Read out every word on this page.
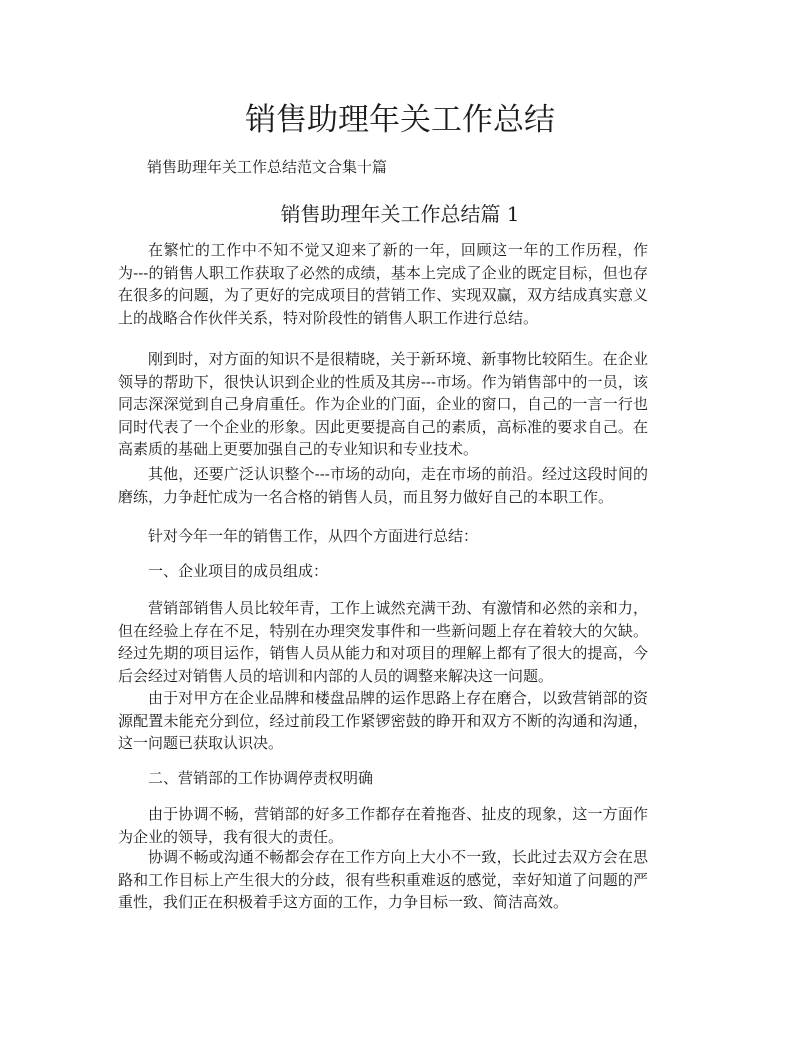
销售助理年关工作总结

销售助理年关工作总结范文合集十篇

销售助理年关工作总结篇 1

在繁忙的工作中不知不觉又迎来了新的一年，回顾这一年的工作历程，作为---的销售人职工作获取了必然的成绩，基本上完成了企业的既定目标，但也存在很多的问题，为了更好的完成项目的营销工作、实现双赢，双方结成真实意义上的战略合作伙伴关系，特对阶段性的销售人职工作进行总结。

刚到时，对方面的知识不是很精晓，关于新环境、新事物比较陌生。在企业领导的帮助下，很快认识到企业的性质及其房---市场。作为销售部中的一员，该同志深深觉到自己身肩重任。作为企业的门面，企业的窗口，自己的一言一行也同时代表了一个企业的形象。因此更要提高自己的素质，高标准的要求自己。在高素质的基础上更要加强自己的专业知识和专业技术。

其他，还要广泛认识整个---市场的动向，走在市场的前沿。经过这段时间的磨练，力争赶忙成为一名合格的销售人员，而且努力做好自己的本职工作。

针对今年一年的销售工作，从四个方面进行总结：

一、企业项目的成员组成：

营销部销售人员比较年青，工作上诚然充满干劲、有激情和必然的亲和力，但在经验上存在不足，特别在办理突发事件和一些新问题上存在着较大的欠缺。经过先期的项目运作，销售人员从能力和对项目的理解上都有了很大的提高，今后会经过对销售人员的培训和内部的人员的调整来解决这一问题。

由于对甲方在企业品牌和楼盘品牌的运作思路上存在磨合，以致营销部的资源配置未能充分到位，经过前段工作紧锣密鼓的睁开和双方不断的沟通和沟通，这一问题已获取认识决。

二、营销部的工作协调停责权明确

由于协调不畅，营销部的好多工作都存在着拖沓、扯皮的现象，这一方面作为企业的领导，我有很大的责任。

协调不畅或沟通不畅都会存在工作方向上大小不一致，长此过去双方会在思路和工作目标上产生很大的分歧，很有些积重难返的感觉，幸好知道了问题的严重性，我们正在积极着手这方面的工作，力争目标一致、简洁高效。
